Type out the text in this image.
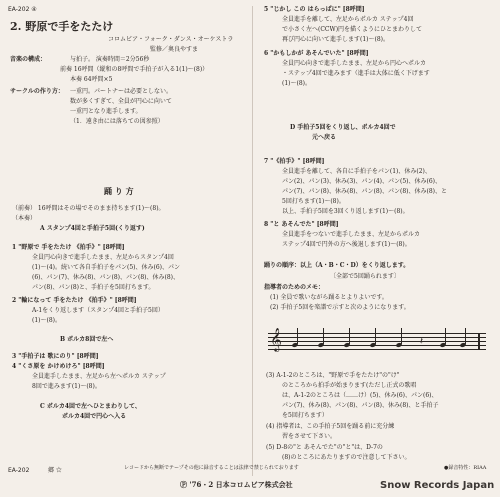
EA-202 ④
2. 野原で手をたたけ
コロムビア・フォーク・ダンス・オーケストラ
監修／奥良やすま
音楽の構成：	与拍子。 演奏時間＝2分56秒
前奏 16呼間（縦和の8呼間で手拍子が入る1(1)〜(8)）
本奏 64呼間×5
サークルの作り方： 一重円。パートナーは必要としない。
数が多くすぎて、全員が円心に向いて
一重円となり進手します。
（1．遠き由には落ちての図参照）
踊 り 方
（前奏） 16呼間はその場でそのまま持ちます(1)〜(8)。
（本奏）
A スタンプ4回と手拍子5回(くり返す)
1 "野原で 手をたたけ 《拍手》" [8呼間]
全員円心向きで進手したまま、左足からスタンプ4回
(1)〜(4)。続いて各自手拍子をパン(5)、休み(6)、パン
(6)、パン(7)、休み(8)、パン(8)、パン(8)、休み(8)、
パン(8)、パン(8)と、手拍子を5回打ちます。
2 "輪になって 手をたたけ 《拍手》" [8呼間]
A-1をくり返します（スタンプ4回と手拍子5回）
(1)〜(8)。
B ポルカ8回で左へ
3 "手拍子は 歌にのり" [8呼間]
4 "くさ原を かけめけろ" [8呼間]
全員進手したまま、左足から左へポルカ ステップ
8回で進みます(1)〜(8)。
C ポルカ4回で左へひとまわりして、
ポルカ4回で円心へ入る
5 "じかし この はらっぱに" [8呼間]
全員進手を離して、左足からポルカ ステップ4回
で小さく左へ(CCW)円を描くようにひとまわりして
再び円心に向いて進手します(1)〜(8)。
6 "かもしかが あそんでいた" [8呼間]
全員円心向きで進手したまま、左足から円心へポルカ
・ステップ4回で進みます（進手は大体に低く下げます
(1)〜(8)。
D 手拍子5回をくり返し、ポルカ4回で
元へ戻る
7 "《拍手》" [8呼間]
全員進手を離して、各自に手拍子をパン(1)、休み(2)、
パン(2)、パン(3)、休み(3)、パン(4)、パン(5)、休み(6)、
パン(7)、パン(8)、休み(8)、パン(8)、パン(8)、休み(8)、と
5回打ちます(1)〜(8)。
以上、手拍子5回を3回くり返します(1)〜(8)。
8 "と あそんでた" [8呼間]
全員進手をつないで進手したまま、左足からポルカ
ステップ4回で円外の方へ後退します(1)〜(8)。
踊りの順序：以上（A・B・C・D）をくり返します。
〔全部で5回踊られます〕
指導者のためのメモ：
(1) 全員で歌いながら踊るとよりよいです。
(2) 手拍子5回を楽譜で示すと次のようになります。
𝄞	𝄽
(3) A-1-2のところは、"野原で手をたたけ"の"け"
のところから拍手が始まります(ただし正式の歌唱
は、A-1-2のところは（……け）(5)、休み(6)、パン(6)、
パン(7)、休み(8)、パン(8)、パン(8)、休み(8)、と手拍子
を5回打ちます）
(4) 指導者は、この手拍子5回を踊る前に充分練
習をさせて下さい。
(5) D-8の"と あそんでた"の"と"は、D-7の
(8)のところにあたりますので注意して下さい。
EA-202	郷 ☆	レコードから無断でテープその他に録音することは法律で禁じられております	●録音特性：RIAA
Ⓟ '76・2 日本コロムビア株式会社	Snow Records Japan
